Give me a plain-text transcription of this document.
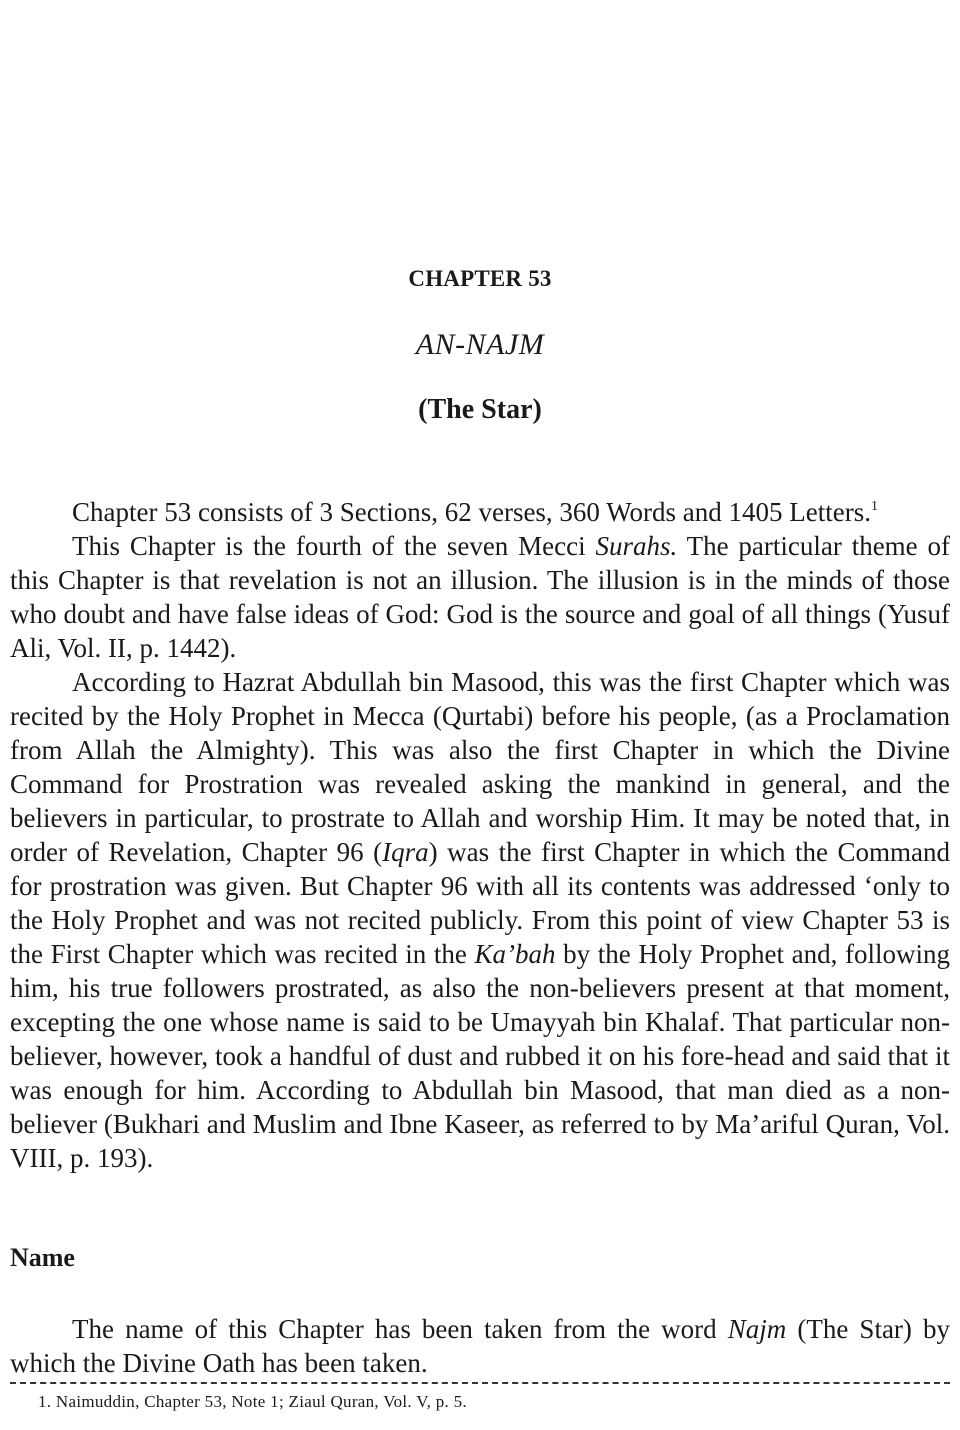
CHAPTER 53
AN-NAJM
(The Star)

Chapter 53 consists of 3 Sections, 62 verses, 360 Words and 1405 Letters.$^1$

This Chapter is the fourth of the seven Mecci Surahs. The particular theme of this Chapter is that revelation is not an illusion. The illusion is in the minds of those who doubt and have false ideas of God: God is the source and goal of all things (Yusuf Ali, Vol. II, p. 1442).

According to Hazrat Abdullah bin Masood, this was the first Chapter which was recited by the Holy Prophet in Mecca (Qurtabi) before his people, (as a Proclamation from Allah the Almighty). This was also the first Chapter in which the Divine Command for Prostration was revealed asking the mankind in general, and the believers in particular, to prostrate to Allah and worship Him. It may be noted that, in order of Revelation, Chapter 96 (Iqra) was the first Chapter in which the Command for prostration was given. But Chapter 96 with all its contents was addressed ‘only to the Holy Prophet and was not recited publicly. From this point of view Chapter 53 is the First Chapter which was recited in the Ka’bah by the Holy Prophet and, following him, his true followers prostrated, as also the non-believers present at that moment, excepting the one whose name is said to be Umayyah bin Khalaf. That particular non-believer, however, took a handful of dust and rubbed it on his fore-head and said that it was enough for him. According to Abdullah bin Masood, that man died as a non-believer (Bukhari and Muslim and Ibne Kaseer, as referred to by Ma’ariful Quran, Vol. VIII, p. 193).

Name

The name of this Chapter has been taken from the word Najm (The Star) by which the Divine Oath has been taken.

1. Naimuddin, Chapter 53, Note 1; Ziaul Quran, Vol. V, p. 5.
